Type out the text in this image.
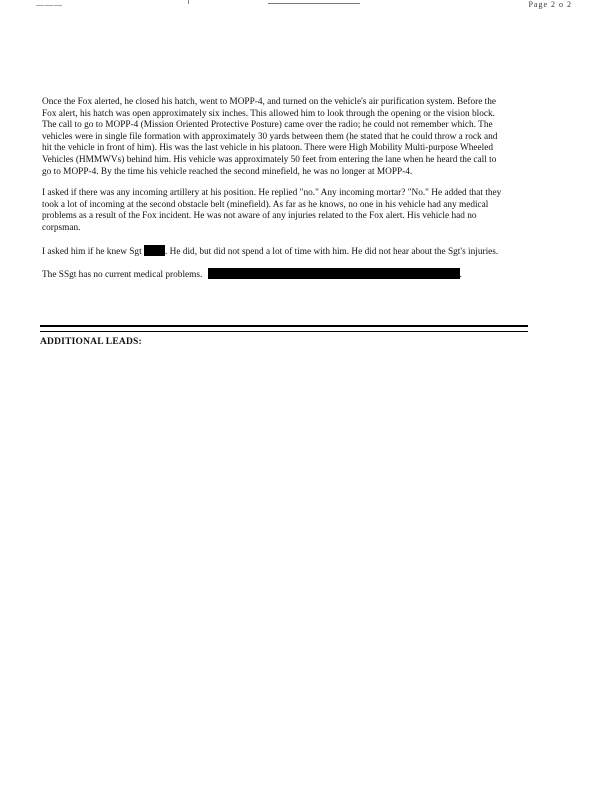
———	Page 2 o 2

Once the Fox alerted, he closed his hatch, went to MOPP-4, and turned on the vehicle's air purification system. Before the Fox alert, his hatch was open approximately six inches. This allowed him to look through the opening or the vision block. The call to go to MOPP-4 (Mission Oriented Protective Posture) came over the radio; he could not remember which. The vehicles were in single file formation with approximately 30 yards between them (he stated that he could throw a rock and hit the vehicle in front of him). His was the last vehicle in his platoon. There were High Mobility Multi-purpose Wheeled Vehicles (HMMWVs) behind him. His vehicle was approximately 50 feet from entering the lane when he heard the call to go to MOPP-4. By the time his vehicle reached the second minefield, he was no longer at MOPP-4.

I asked if there was any incoming artillery at his position. He replied "no." Any incoming mortar? "No." He added that they took a lot of incoming at the second obstacle belt (minefield). As far as he knows, no one in his vehicle had any medical problems as a result of the Fox incident. He was not aware of any injuries related to the Fox alert. His vehicle had no corpsman.

I asked him if he knew Sgt	. He did, but did not spend a lot of time with him. He did not hear about the Sgt's injuries.

The SSgt has no current medical problems.	.

ADDITIONAL LEADS:
